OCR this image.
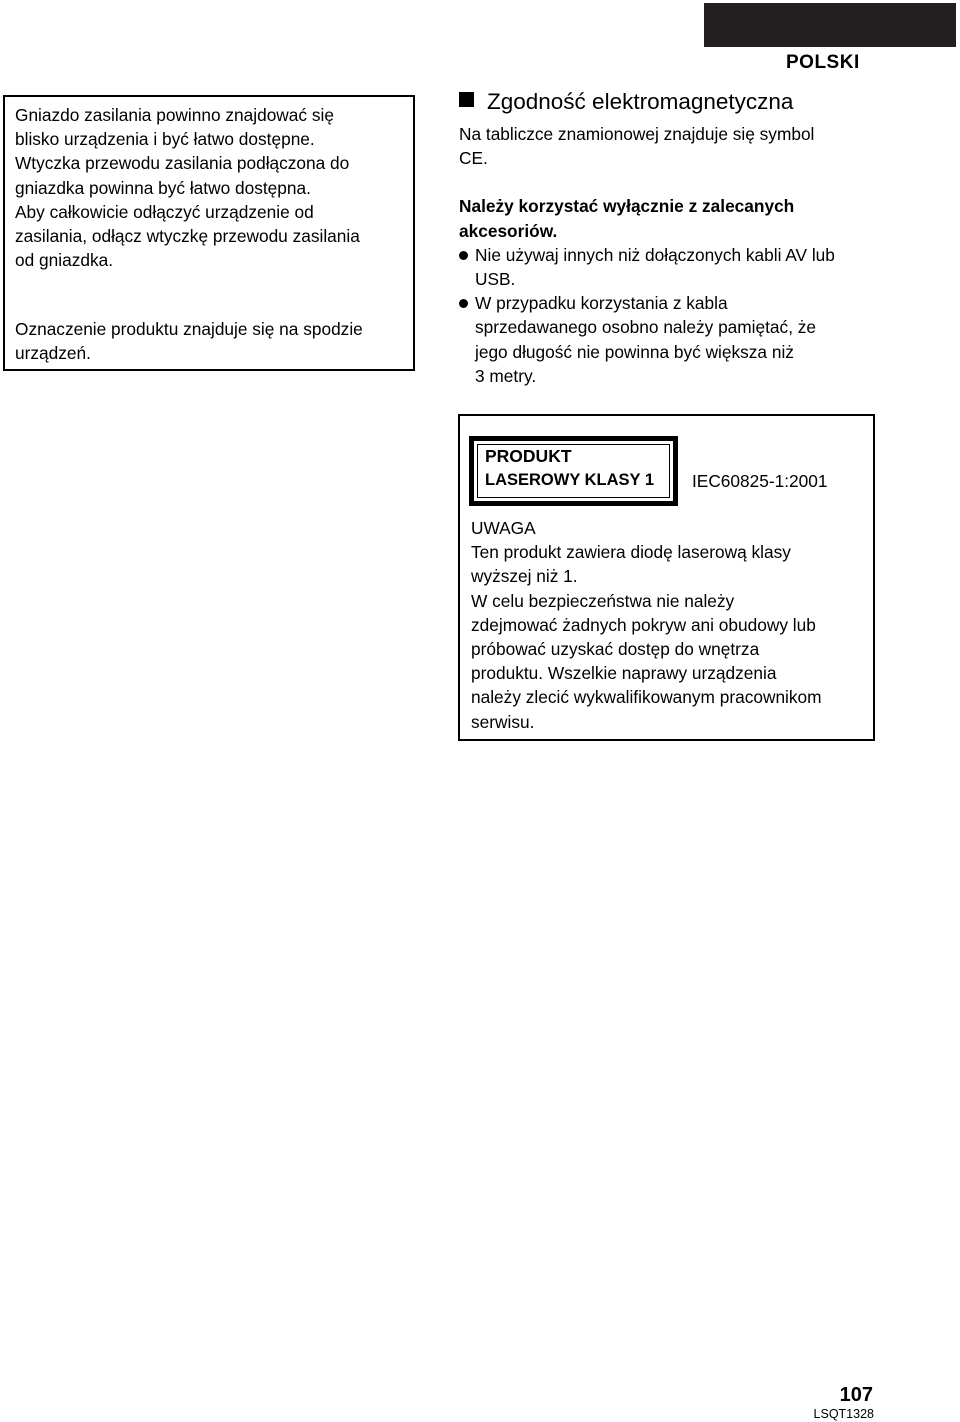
POLSKI
Gniazdo zasilania powinno znajdować się
blisko urządzenia i być łatwo dostępne.
Wtyczka przewodu zasilania podłączona do
gniazdka powinna być łatwo dostępna.
Aby całkowicie odłączyć urządzenie od
zasilania, odłącz wtyczkę przewodu zasilania
od gniazdka.
Oznaczenie produktu znajduje się na spodzie
urządzeń.
Zgodność elektromagnetyczna
Na tabliczce znamionowej znajduje się symbol
CE.
Należy korzystać wyłącznie z zalecanych
akcesoriów.
Nie używaj innych niż dołączonych kabli AV lub
USB.
W przypadku korzystania z kabla
sprzedawanego osobno należy pamiętać, że
jego długość nie powinna być większa niż
3 metry.
PRODUKT
LASEROWY KLASY 1 IEC60825-1:2001
UWAGA
Ten produkt zawiera diodę laserową klasy
wyższej niż 1.
W celu bezpieczeństwa nie należy
zdejmować żadnych pokryw ani obudowy lub
próbować uzyskać dostęp do wnętrza
produktu. Wszelkie naprawy urządzenia
należy zlecić wykwalifikowanym pracownikom
serwisu.
107
LSQT1328
